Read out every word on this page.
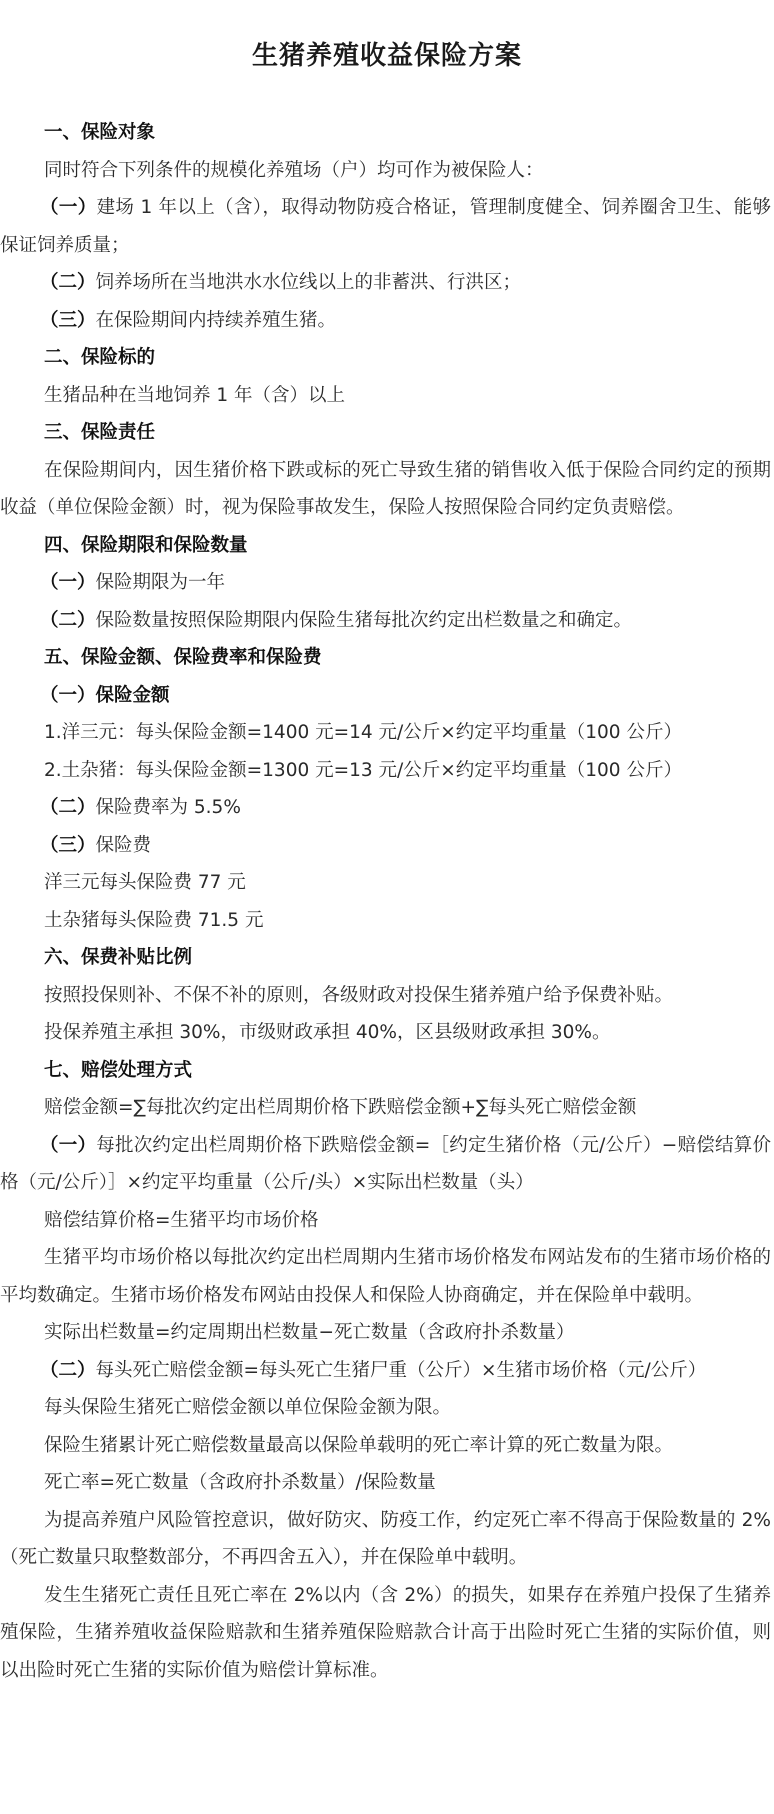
生猪养殖收益保险方案

一、保险对象

同时符合下列条件的规模化养殖场（户）均可作为被保险人：

（一）建场 1 年以上（含），取得动物防疫合格证，管理制度健全、饲养圈舍卫生、能够保证饲养质量；

（二）饲养场所在当地洪水水位线以上的非蓄洪、行洪区；

（三）在保险期间内持续养殖生猪。

二、保险标的

生猪品种在当地饲养 1 年（含）以上

三、保险责任

在保险期间内，因生猪价格下跌或标的死亡导致生猪的销售收入低于保险合同约定的预期收益（单位保险金额）时，视为保险事故发生，保险人按照保险合同约定负责赔偿。

四、保险期限和保险数量

（一）保险期限为一年

（二）保险数量按照保险期限内保险生猪每批次约定出栏数量之和确定。

五、保险金额、保险费率和保险费

（一）保险金额

1.洋三元：每头保险金额=1400 元=14 元/公斤×约定平均重量（100 公斤）

2.土杂猪：每头保险金额=1300 元=13 元/公斤×约定平均重量（100 公斤）

（二）保险费率为 5.5%

（三）保险费

洋三元每头保险费 77 元

土杂猪每头保险费 71.5 元

六、保费补贴比例

按照投保则补、不保不补的原则，各级财政对投保生猪养殖户给予保费补贴。

投保养殖主承担 30%，市级财政承担 40%，区县级财政承担 30%。

七、赔偿处理方式

赔偿金额=∑每批次约定出栏周期价格下跌赔偿金额+∑每头死亡赔偿金额

（一）每批次约定出栏周期价格下跌赔偿金额=［约定生猪价格（元/公斤）−赔偿结算价格（元/公斤）］×约定平均重量（公斤/头）×实际出栏数量（头）

赔偿结算价格=生猪平均市场价格

生猪平均市场价格以每批次约定出栏周期内生猪市场价格发布网站发布的生猪市场价格的平均数确定。生猪市场价格发布网站由投保人和保险人协商确定，并在保险单中载明。

实际出栏数量=约定周期出栏数量−死亡数量（含政府扑杀数量）

（二）每头死亡赔偿金额=每头死亡生猪尸重（公斤）×生猪市场价格（元/公斤）

每头保险生猪死亡赔偿金额以单位保险金额为限。

保险生猪累计死亡赔偿数量最高以保险单载明的死亡率计算的死亡数量为限。

死亡率=死亡数量（含政府扑杀数量）/保险数量

为提高养殖户风险管控意识，做好防灾、防疫工作，约定死亡率不得高于保险数量的 2%（死亡数量只取整数部分，不再四舍五入），并在保险单中载明。

发生生猪死亡责任且死亡率在 2%以内（含 2%）的损失，如果存在养殖户投保了生猪养殖保险，生猪养殖收益保险赔款和生猪养殖保险赔款合计高于出险时死亡生猪的实际价值，则以出险时死亡生猪的实际价值为赔偿计算标准。
